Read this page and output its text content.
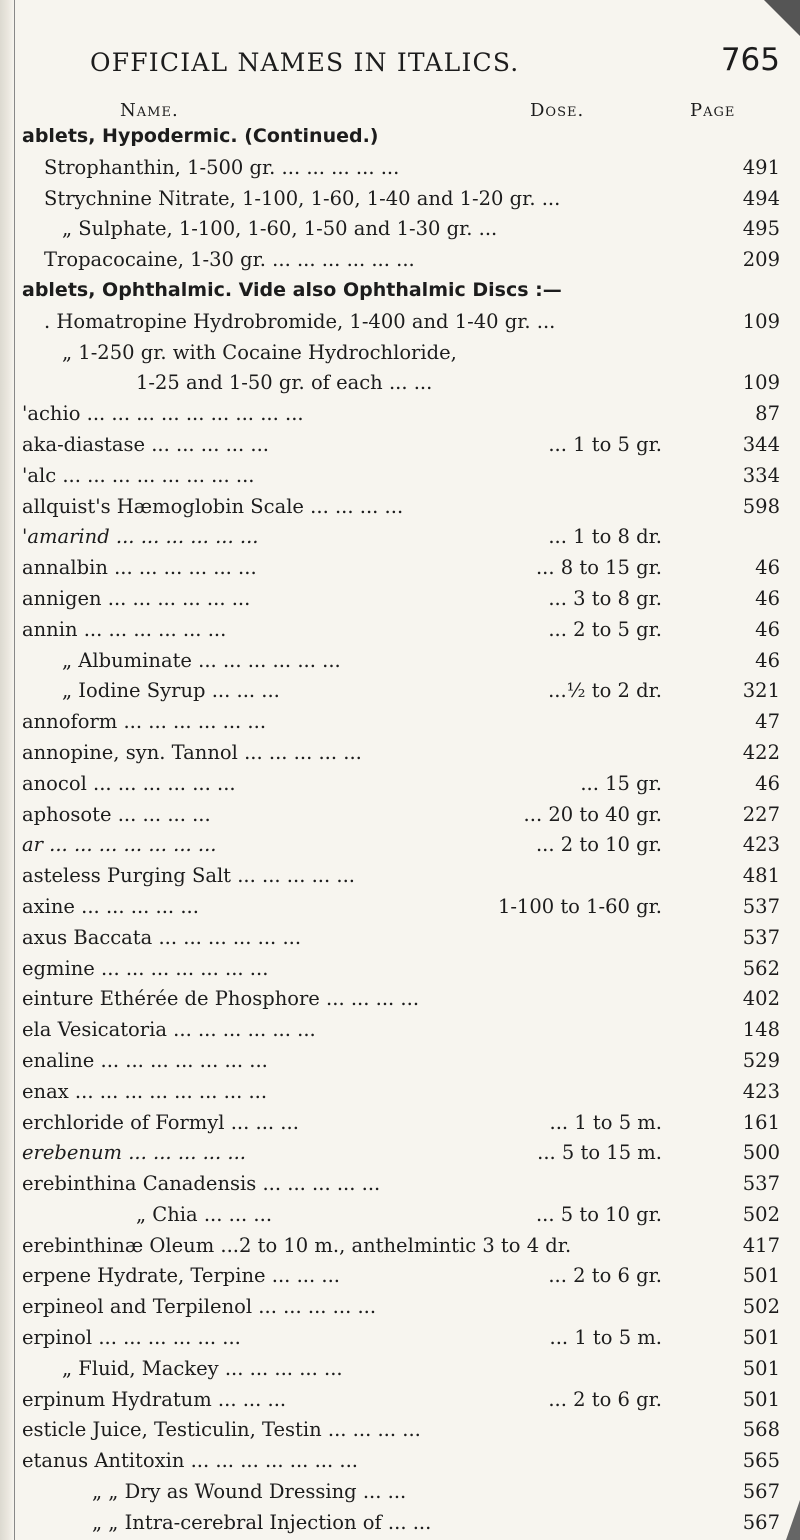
OFFICIAL NAMES IN ITALICS.	765
Name.	Dose.	Page
ablets, Hypodermic. (Continued.)
Strophanthin, 1-500 gr. ... ... ... ... ...	491
Strychnine Nitrate, 1-100, 1-60, 1-40 and 1-20 gr. ...	494
„ Sulphate, 1-100, 1-60, 1-50 and 1-30 gr. ...	495
Tropacocaine, 1-30 gr. ... ... ... ... ... ...	209
ablets, Ophthalmic. Vide also Ophthalmic Discs :—
. Homatropine Hydrobromide, 1-400 and 1-40 gr. ...	109
„ 1-250 gr. with Cocaine Hydrochloride,
1-25 and 1-50 gr. of each ... ...	109
'achio ... ... ... ... ... ... ... ... ...	87
aka-diastase ... ... ... ... ...	... 1 to 5 gr.	344
'alc ... ... ... ... ... ... ... ...	334
allquist's Hæmoglobin Scale ... ... ... ...	598
'amarind ... ... ... ... ... ...	... 1 to 8 dr.
annalbin ... ... ... ... ... ...	... 8 to 15 gr.	46
annigen ... ... ... ... ... ...	... 3 to 8 gr.	46
annin ... ... ... ... ... ...	... 2 to 5 gr.	46
„ Albuminate ... ... ... ... ... ...	46
„ Iodine Syrup ... ... ...	...½ to 2 dr.	321
annoform ... ... ... ... ... ...	47
annopine, syn. Tannol ... ... ... ... ...	422
anocol ... ... ... ... ... ...	... 15 gr.	46
aphosote ... ... ... ...	... 20 to 40 gr.	227
ar ... ... ... ... ... ... ...	... 2 to 10 gr.	423
asteless Purging Salt ... ... ... ... ...	481
axine ... ... ... ... ...	1-100 to 1-60 gr.	537
axus Baccata ... ... ... ... ... ...	537
egmine ... ... ... ... ... ... ...	562
einture Ethérée de Phosphore ... ... ... ...	402
ela Vesicatoria ... ... ... ... ... ...	148
enaline ... ... ... ... ... ... ...	529
enax ... ... ... ... ... ... ... ...	423
erchloride of Formyl ... ... ...	... 1 to 5 m.	161
erebenum ... ... ... ... ...	... 5 to 15 m.	500
erebinthina Canadensis ... ... ... ... ...	537
„ Chia ... ... ...	... 5 to 10 gr.	502
erebinthinæ Oleum ...2 to 10 m., anthelmintic 3 to 4 dr.	417
erpene Hydrate, Terpine ... ... ...	... 2 to 6 gr.	501
erpineol and Terpilenol ... ... ... ... ...	502
erpinol ... ... ... ... ... ...	... 1 to 5 m.	501
„ Fluid, Mackey ... ... ... ... ...	501
erpinum Hydratum ... ... ...	... 2 to 6 gr.	501
esticle Juice, Testiculin, Testin ... ... ... ...	568
etanus Antitoxin ... ... ... ... ... ... ...	565
„ „ Dry as Wound Dressing ... ...	567
„ „ Intra-cerebral Injection of ... ...	567
